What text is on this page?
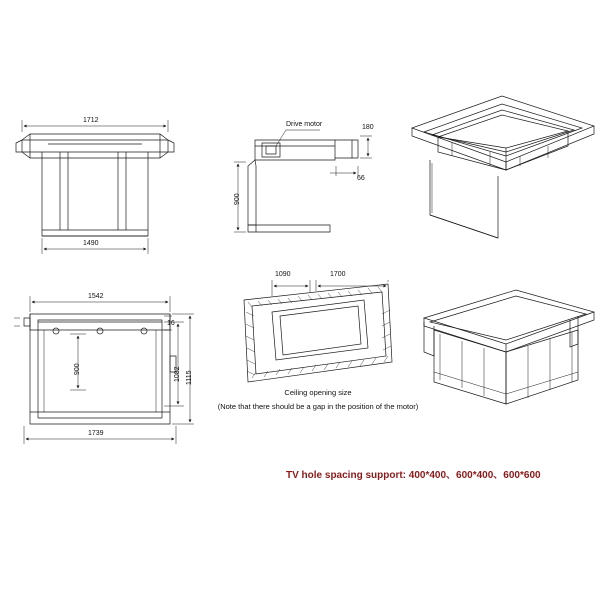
1712
1490
Drive motor	180
66
900
1542
1739
900	1082 1115
16
1090	1700
Ceiling opening size
(Note that there should be a gap in the position of the motor)
TV hole spacing support: 400*400、600*400、600*600
